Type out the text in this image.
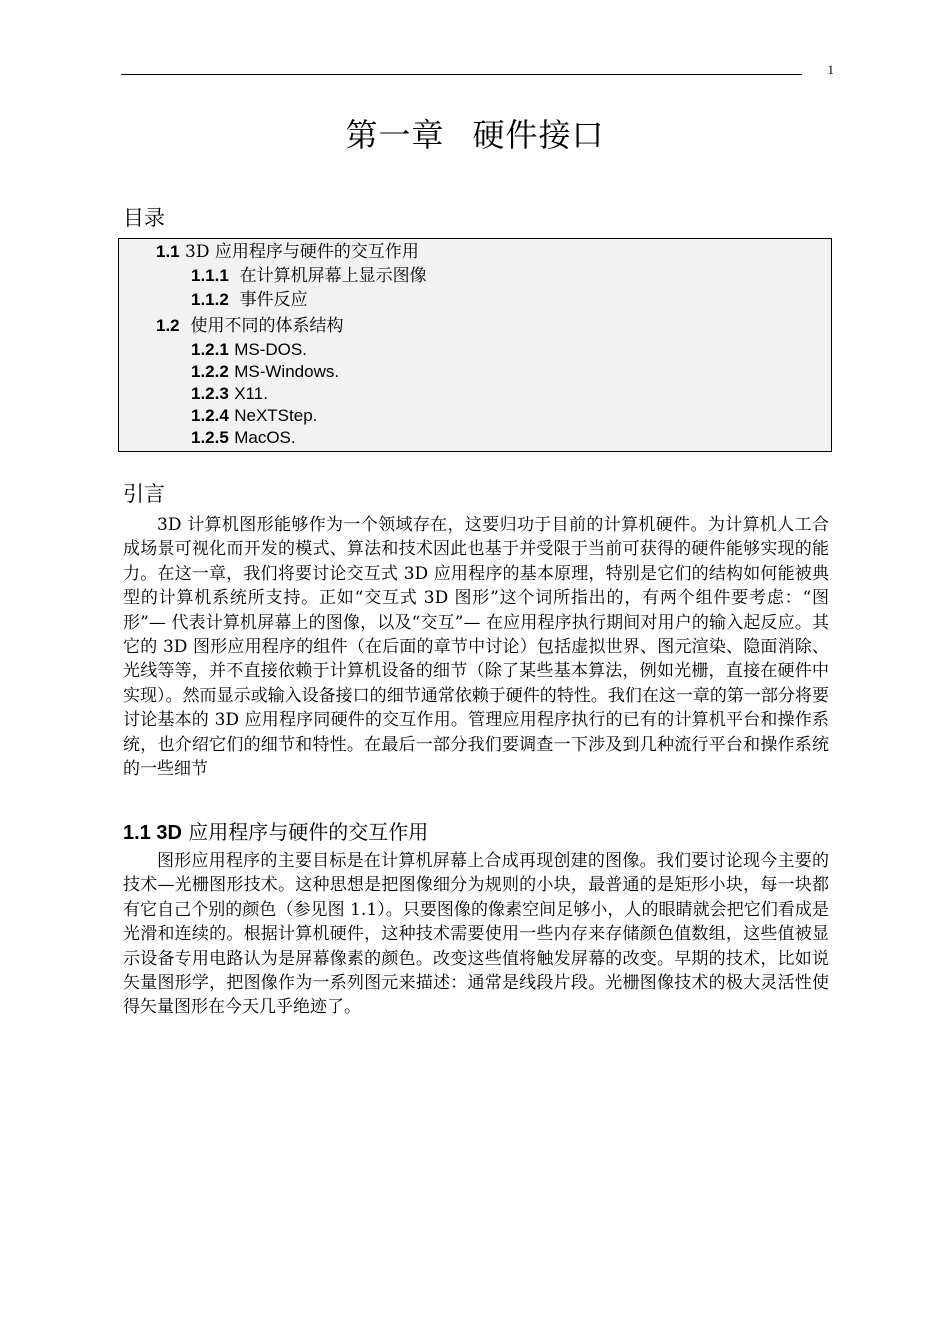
1
第一章 硬件接口
目录
1.1 3D 应用程序与硬件的交互作用
1.1.1 在计算机屏幕上显示图像
1.1.2 事件反应
1.2 使用不同的体系结构
1.2.1 MS-DOS.
1.2.2 MS-Windows.
1.2.3 X11.
1.2.4 NeXTStep.
1.2.5 MacOS.
引言

3D 计算机图形能够作为一个领域存在，这要归功于目前的计算机硬件。为计算机人工合成场景可视化而开发的模式、算法和技术因此也基于并受限于当前可获得的硬件能够实现的能力。在这一章，我们将要讨论交互式 3D 应用程序的基本原理，特别是它们的结构如何能被典型的计算机系统所支持。正如“交互式 3D 图形”这个词所指出的，有两个组件要考虑：“图形”— 代表计算机屏幕上的图像，以及“交互”— 在应用程序执行期间对用户的输入起反应。其它的 3D 图形应用程序的组件（在后面的章节中讨论）包括虚拟世界、图元渲染、隐面消除、光线等等，并不直接依赖于计算机设备的细节（除了某些基本算法，例如光栅，直接在硬件中实现）。然而显示或输入设备接口的细节通常依赖于硬件的特性。我们在这一章的第一部分将要讨论基本的 3D 应用程序同硬件的交互作用。管理应用程序执行的已有的计算机平台和操作系统，也介绍它们的细节和特性。在最后一部分我们要调查一下涉及到几种流行平台和操作系统的一些细节

1.1 3D 应用程序与硬件的交互作用

图形应用程序的主要目标是在计算机屏幕上合成再现创建的图像。我们要讨论现今主要的技术—光栅图形技术。这种思想是把图像细分为规则的小块，最普通的是矩形小块，每一块都有它自己个别的颜色（参见图 1.1）。只要图像的像素空间足够小，人的眼睛就会把它们看成是光滑和连续的。根据计算机硬件，这种技术需要使用一些内存来存储颜色值数组，这些值被显示设备专用电路认为是屏幕像素的颜色。改变这些值将触发屏幕的改变。早期的技术，比如说矢量图形学，把图像作为一系列图元来描述：通常是线段片段。光栅图像技术的极大灵活性使得矢量图形在今天几乎绝迹了。
